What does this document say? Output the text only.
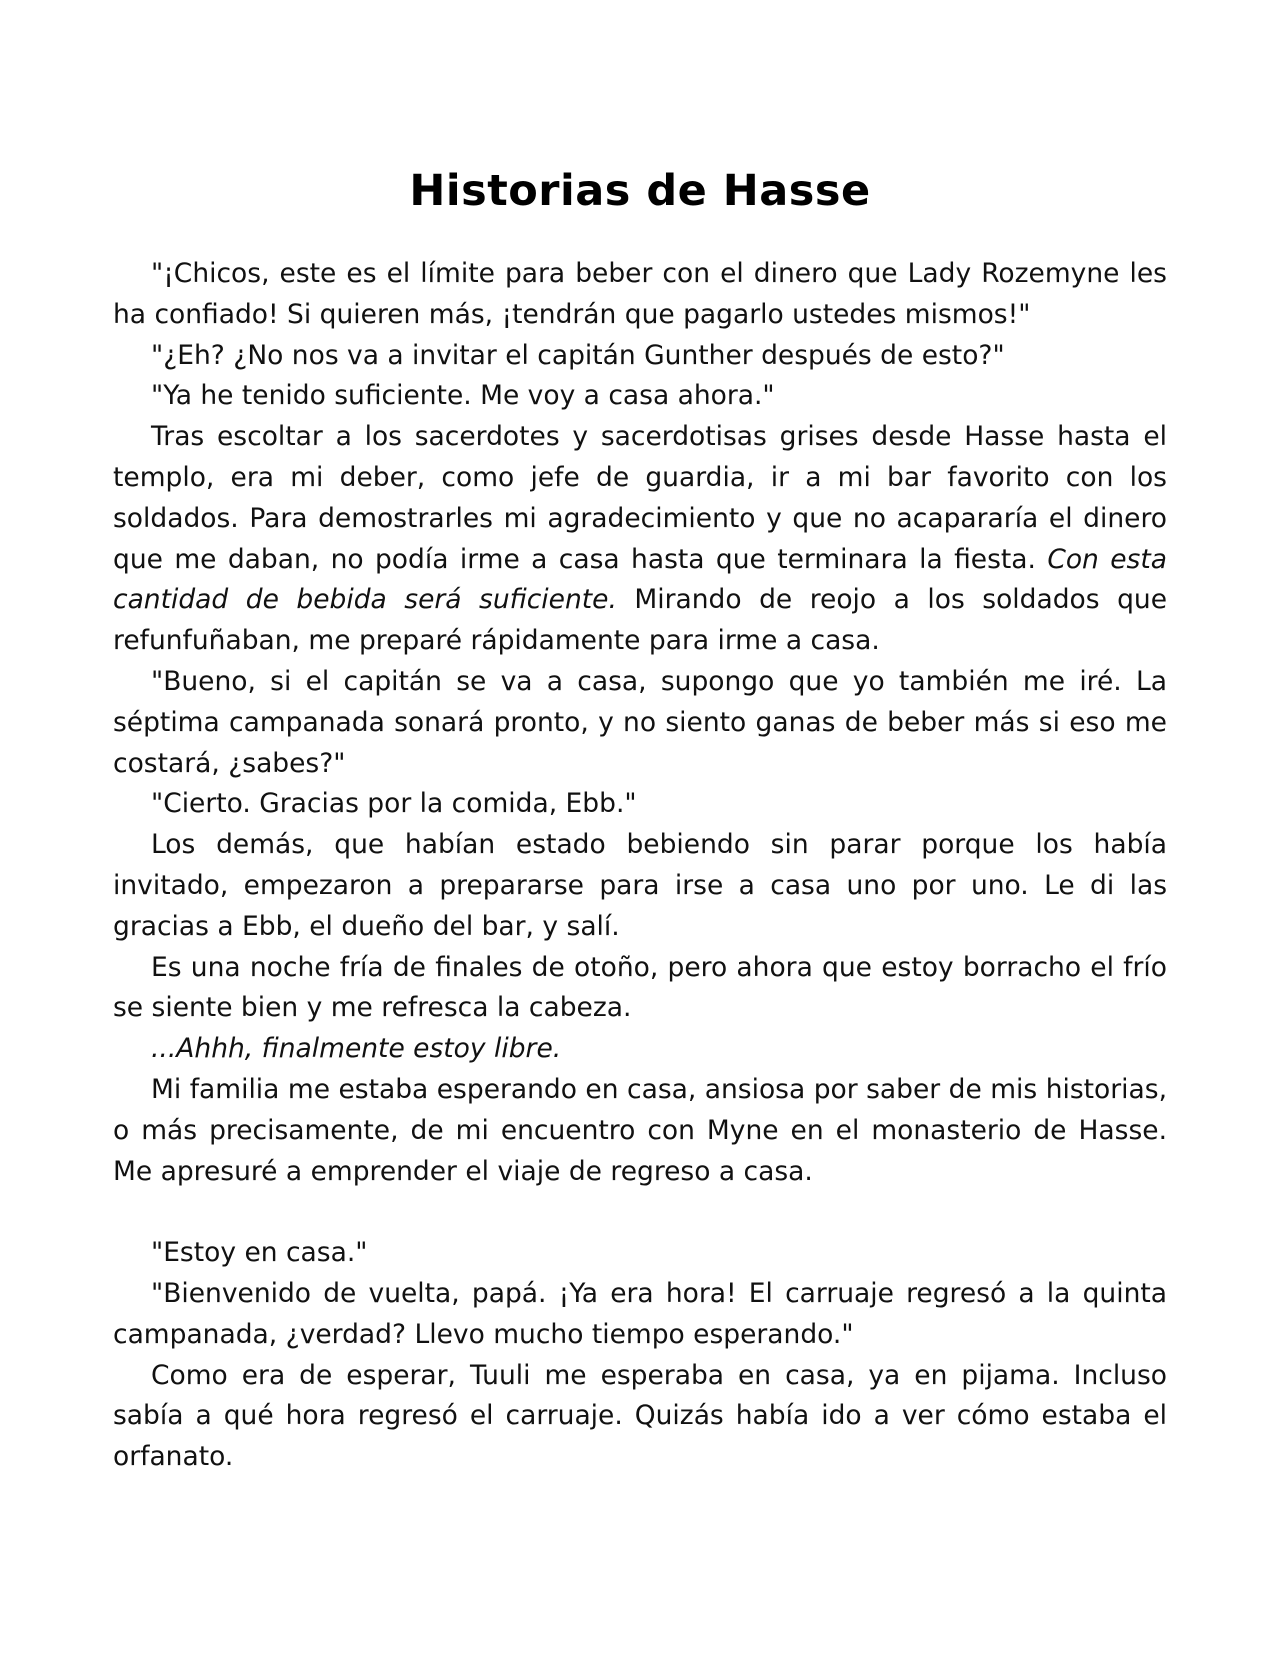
Historias de Hasse

"¡Chicos, este es el límite para beber con el dinero que Lady Rozemyne les ha confiado! Si quieren más, ¡tendrán que pagarlo ustedes mismos!"

"¿Eh? ¿No nos va a invitar el capitán Gunther después de esto?"

"Ya he tenido suficiente. Me voy a casa ahora."

Tras escoltar a los sacerdotes y sacerdotisas grises desde Hasse hasta el templo, era mi deber, como jefe de guardia, ir a mi bar favorito con los soldados. Para demostrarles mi agradecimiento y que no acapararía el dinero que me daban, no podía irme a casa hasta que terminara la fiesta. Con esta cantidad de bebida será suficiente. Mirando de reojo a los soldados que refunfuñaban, me preparé rápidamente para irme a casa.

"Bueno, si el capitán se va a casa, supongo que yo también me iré. La séptima campanada sonará pronto, y no siento ganas de beber más si eso me costará, ¿sabes?"

"Cierto. Gracias por la comida, Ebb."

Los demás, que habían estado bebiendo sin parar porque los había invitado, empezaron a prepararse para irse a casa uno por uno. Le di las gracias a Ebb, el dueño del bar, y salí.

Es una noche fría de finales de otoño, pero ahora que estoy borracho el frío se siente bien y me refresca la cabeza.

...Ahhh, finalmente estoy libre.

Mi familia me estaba esperando en casa, ansiosa por saber de mis historias, o más precisamente, de mi encuentro con Myne en el monasterio de Hasse. Me apresuré a emprender el viaje de regreso a casa.

"Estoy en casa."

"Bienvenido de vuelta, papá. ¡Ya era hora! El carruaje regresó a la quinta campanada, ¿verdad? Llevo mucho tiempo esperando."

Como era de esperar, Tuuli me esperaba en casa, ya en pijama. Incluso sabía a qué hora regresó el carruaje. Quizás había ido a ver cómo estaba el orfanato.
